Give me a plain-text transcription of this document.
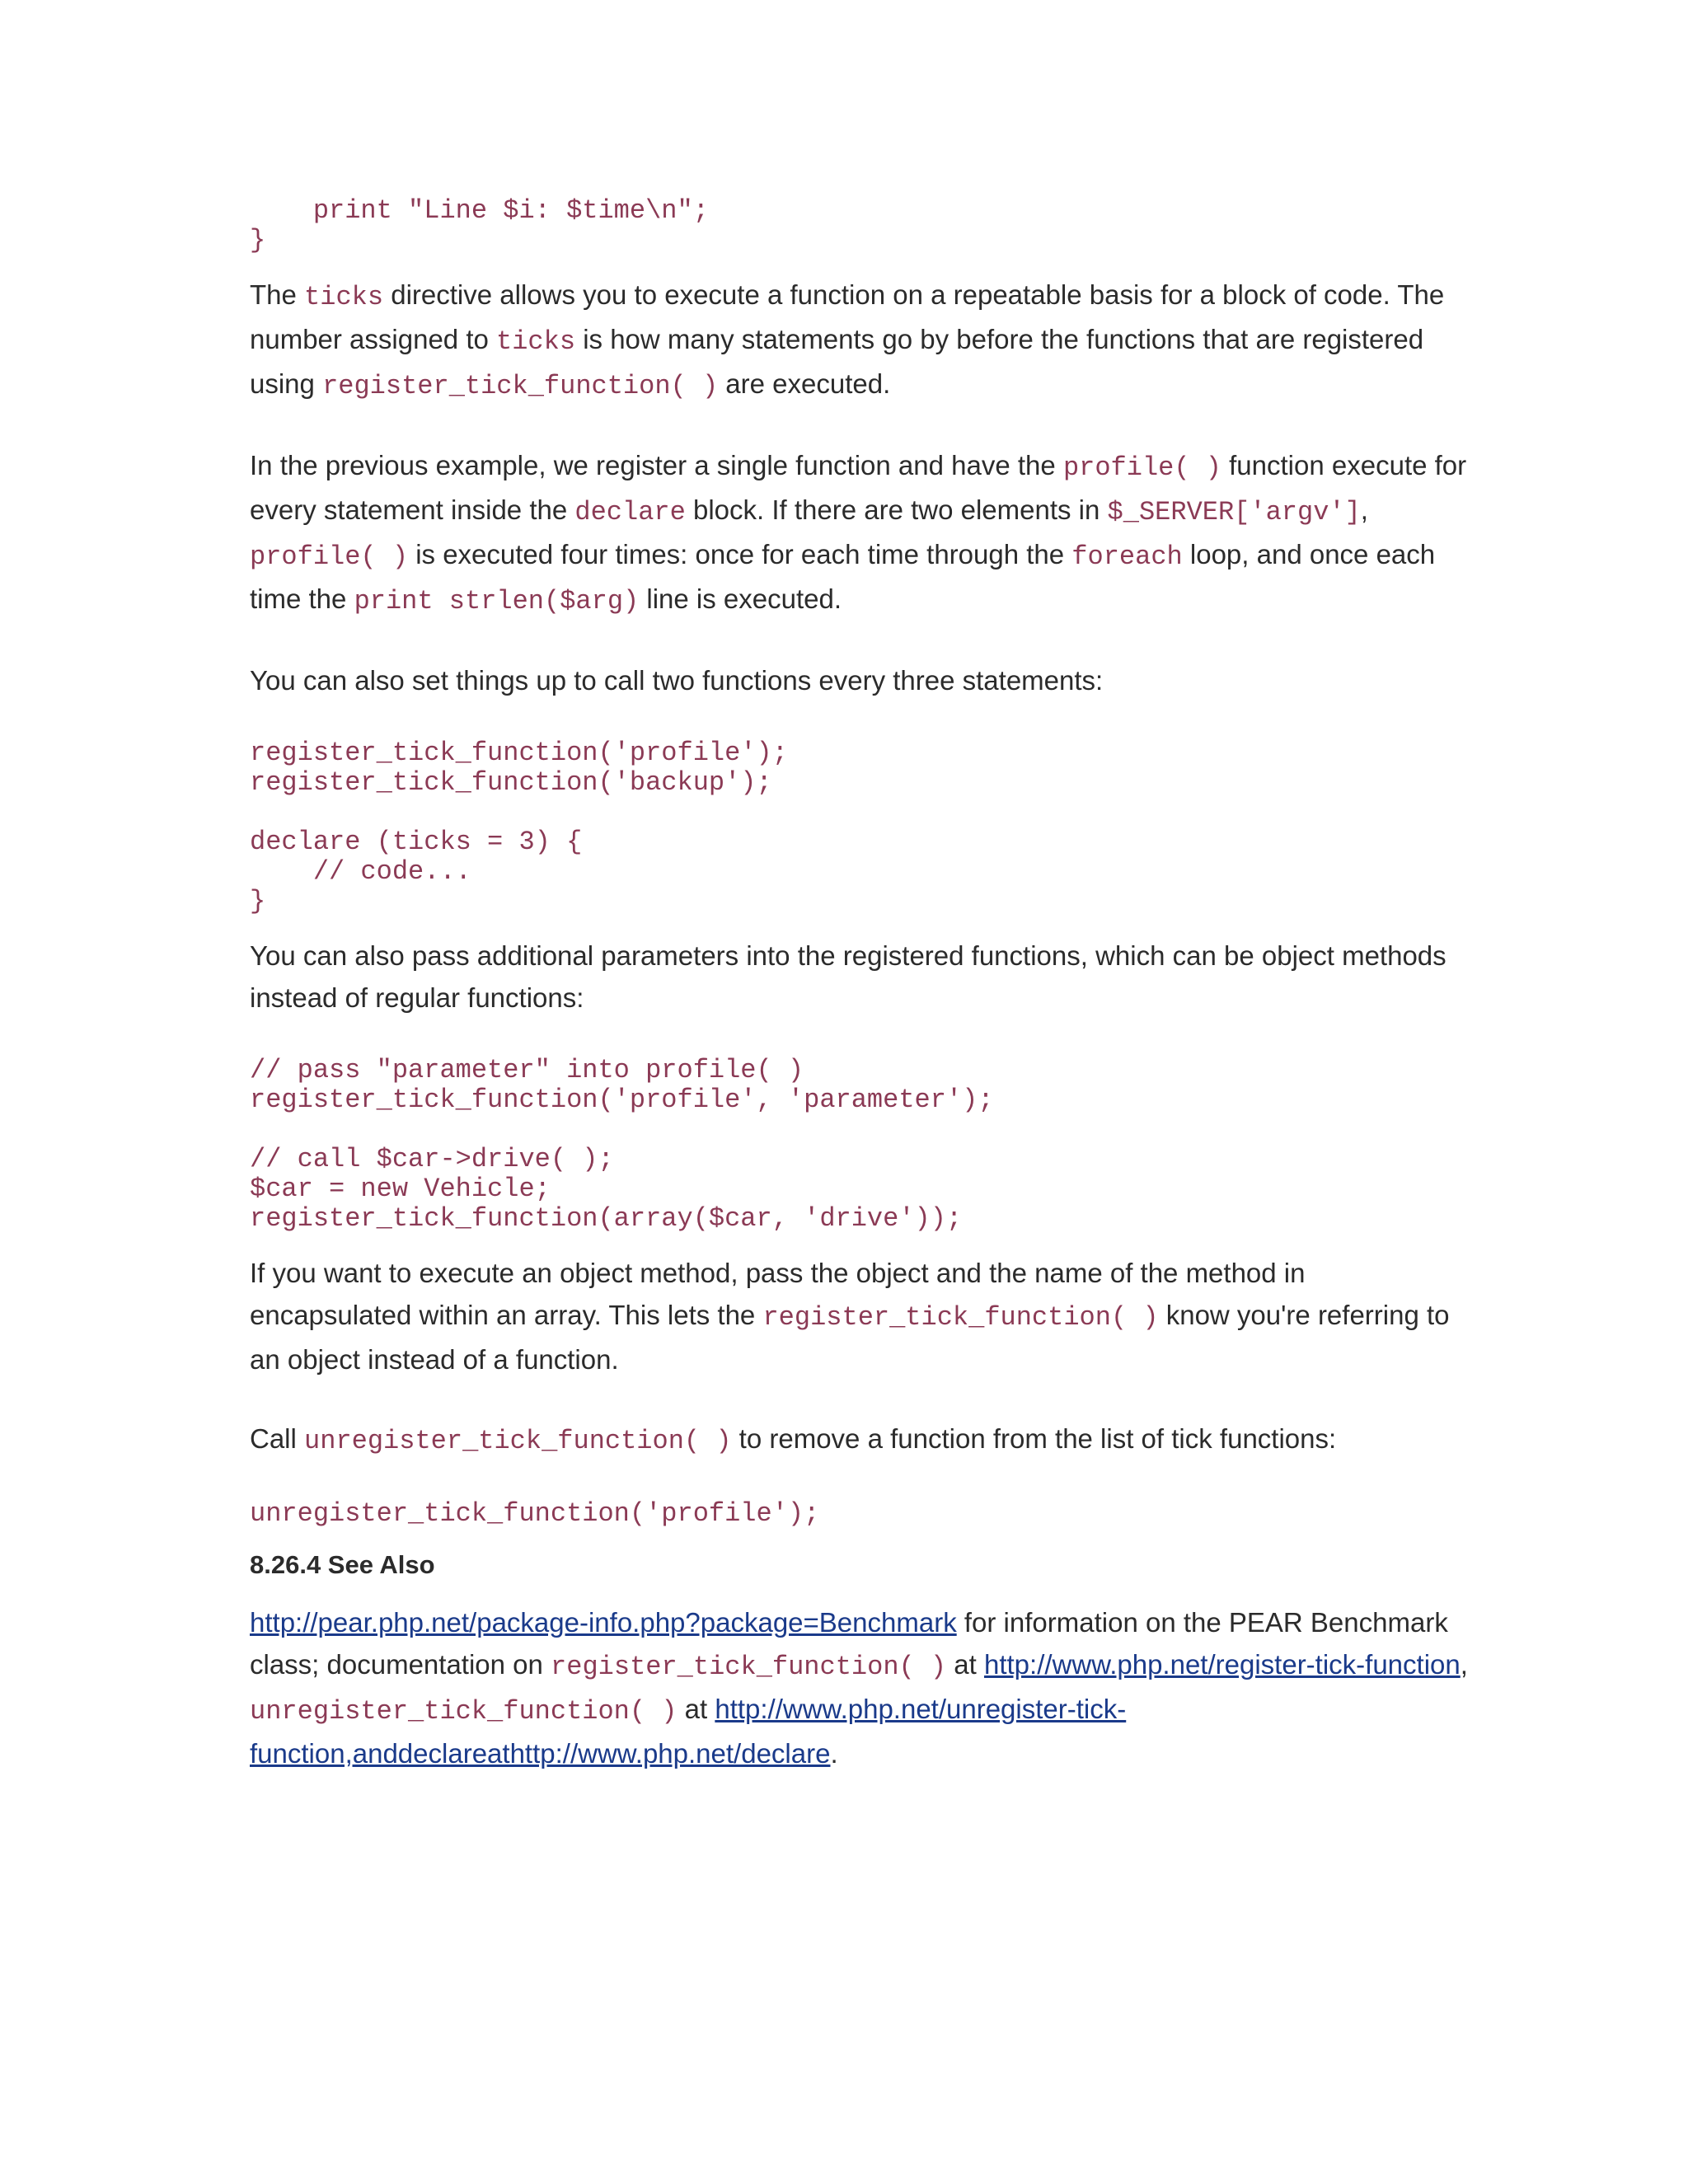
print "Line $i: $time\n";
}

The ticks directive allows you to execute a function on a repeatable basis for a block of code. The number assigned to ticks is how many statements go by before the functions that are registered using register_tick_function( ) are executed.

In the previous example, we register a single function and have the profile( ) function execute for every statement inside the declare block. If there are two elements in $_SERVER['argv'], profile( ) is executed four times: once for each time through the foreach loop, and once each time the print strlen($arg) line is executed.

You can also set things up to call two functions every three statements:

register_tick_function('profile');
register_tick_function('backup');

declare (ticks = 3) {
// code...
}

You can also pass additional parameters into the registered functions, which can be object methods instead of regular functions:

// pass "parameter" into profile( )
register_tick_function('profile', 'parameter');

// call $car->drive( );
$car = new Vehicle;
register_tick_function(array($car, 'drive'));

If you want to execute an object method, pass the object and the name of the method in encapsulated within an array. This lets the register_tick_function( ) know you're referring to an object instead of a function.

Call unregister_tick_function( ) to remove a function from the list of tick functions:

unregister_tick_function('profile');
8.26.4 See Also

http://pear.php.net/package-info.php?package=Benchmark for information on the PEAR Benchmark class; documentation on register_tick_function( ) at http://www.php.net/register-tick-function, unregister_tick_function( ) at http://www.php.net/unregister-tick-function,anddeclareathttp://www.php.net/declare.
